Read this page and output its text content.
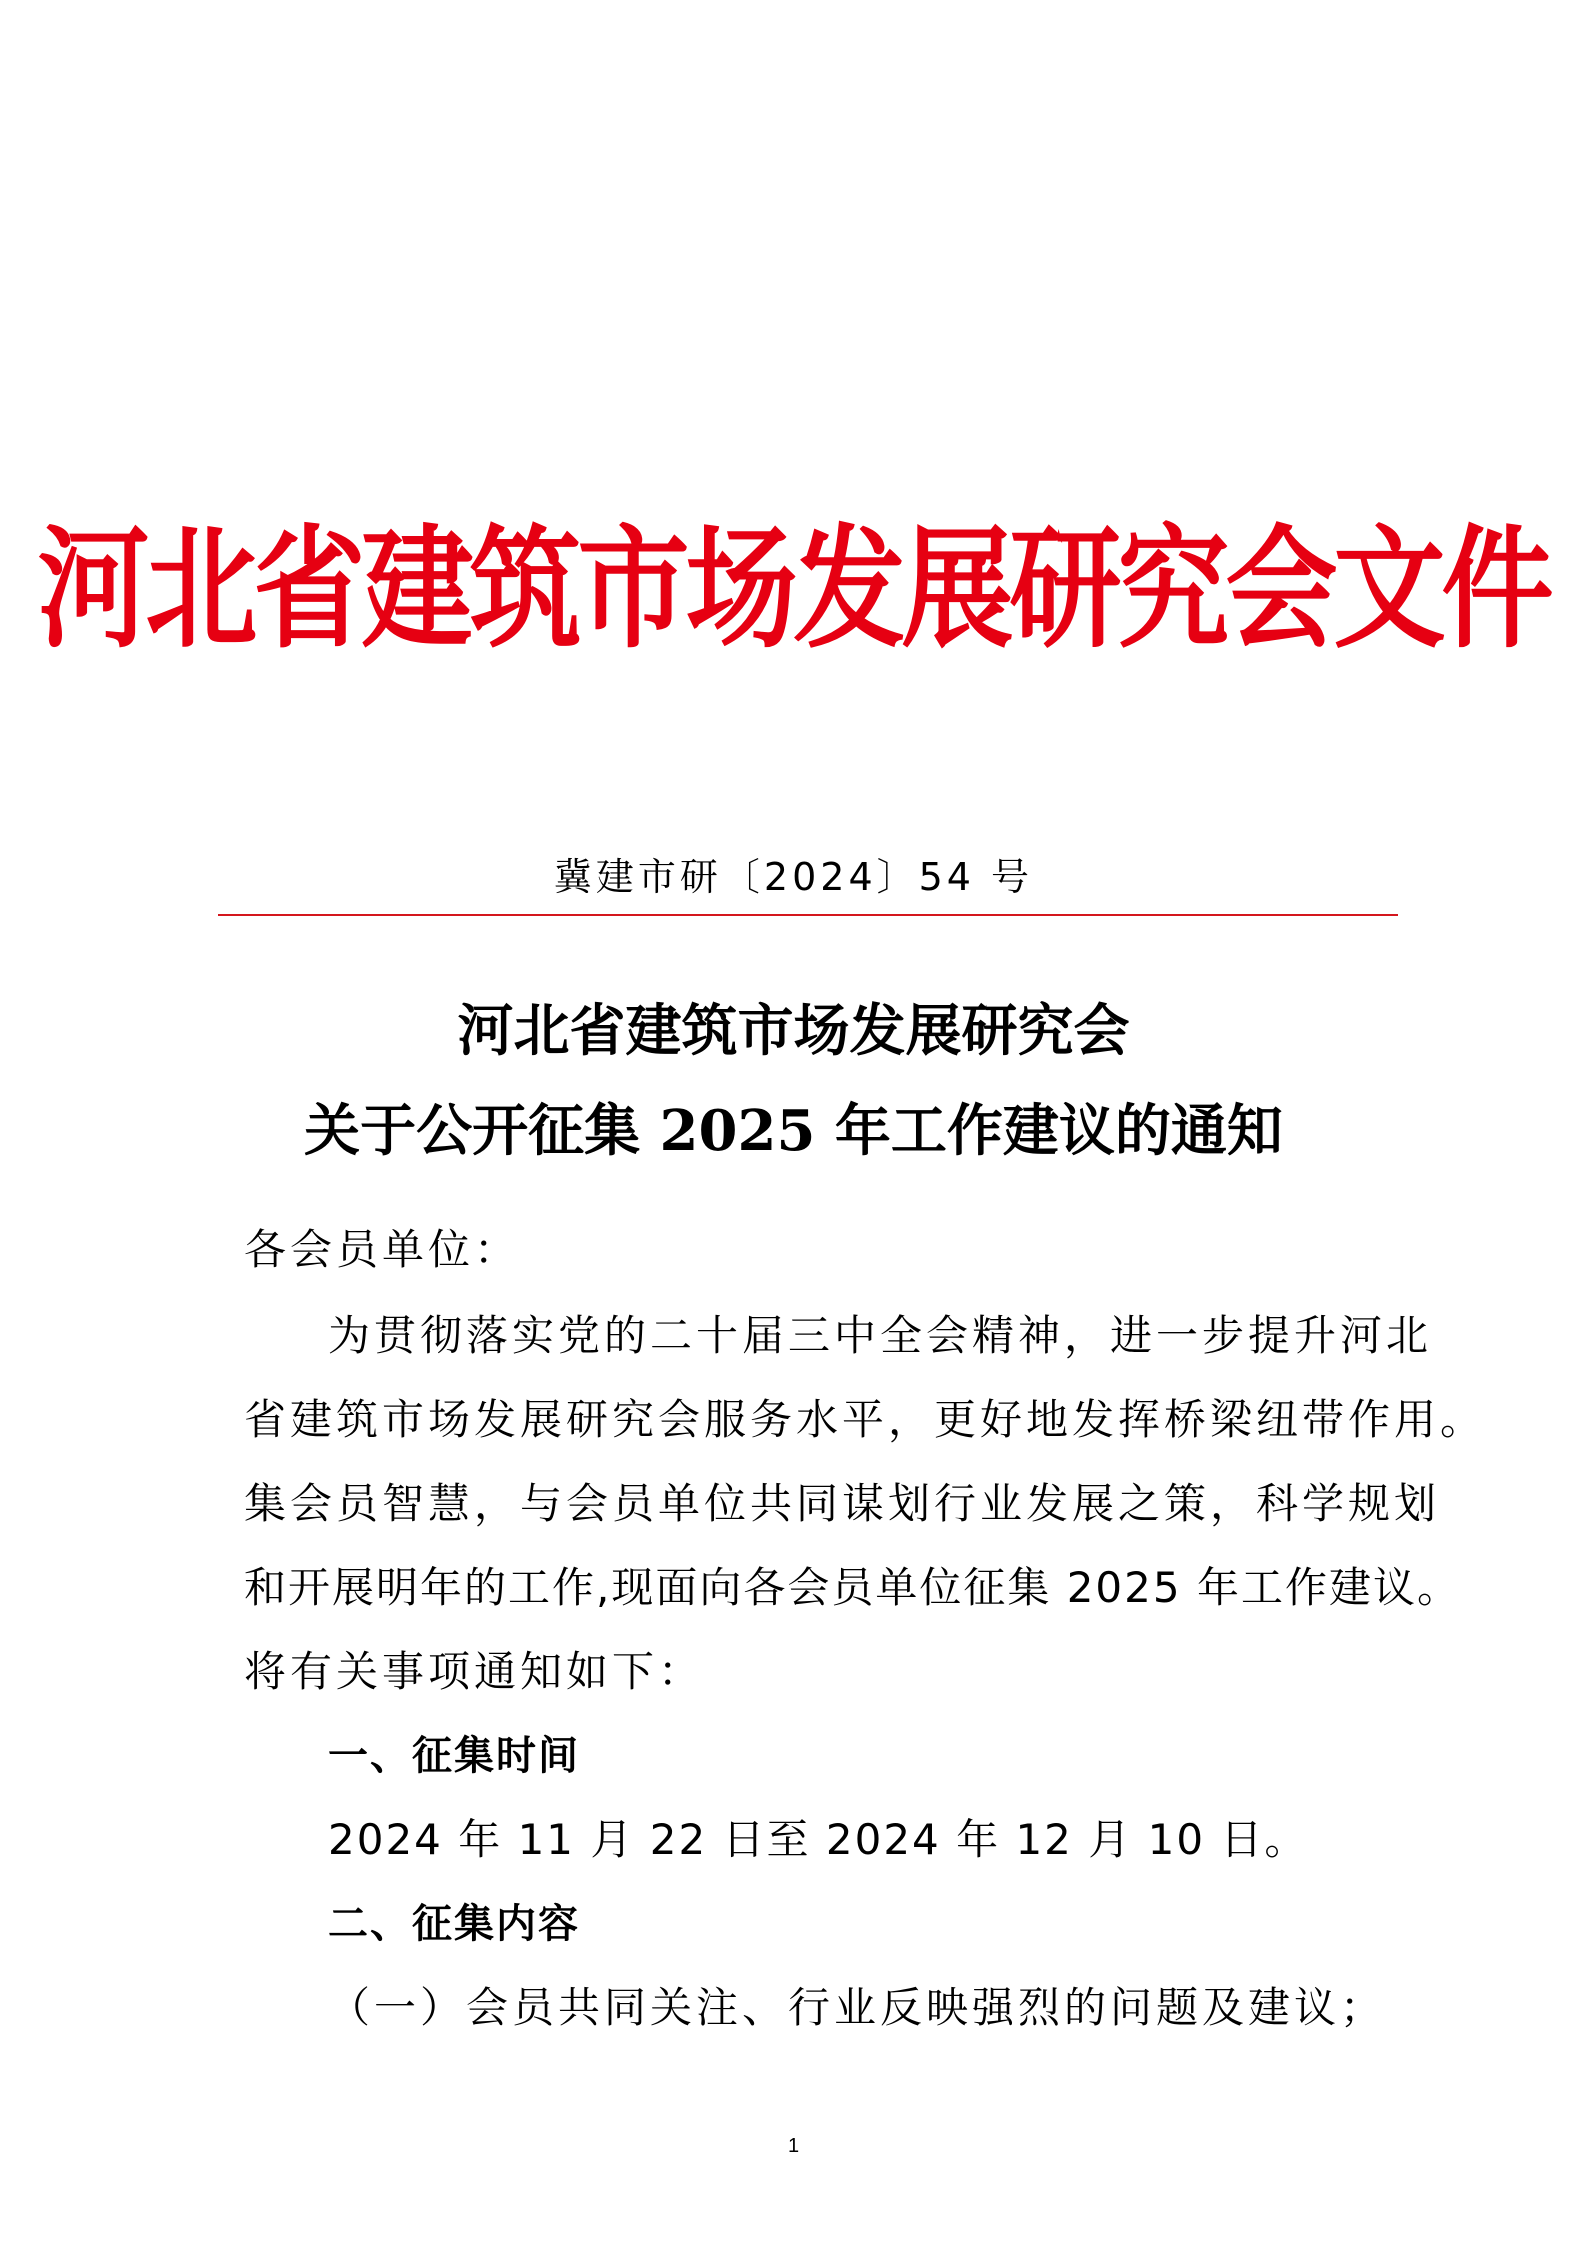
河北省建筑市场发展研究会文件
冀建市研〔2024〕54 号
河北省建筑市场发展研究会
关于公开征集 2025 年工作建议的通知
各会员单位：
为贯彻落实党的二十届三中全会精神，进一步提升河北
省建筑市场发展研究会服务水平，更好地发挥桥梁纽带作用。
集会员智慧，与会员单位共同谋划行业发展之策，科学规划
和开展明年的工作,现面向各会员单位征集 2025 年工作建议。
将有关事项通知如下：
一、征集时间
2024 年 11 月 22 日至 2024 年 12 月 10 日。
二、征集内容
（一）会员共同关注、行业反映强烈的问题及建议；
1
